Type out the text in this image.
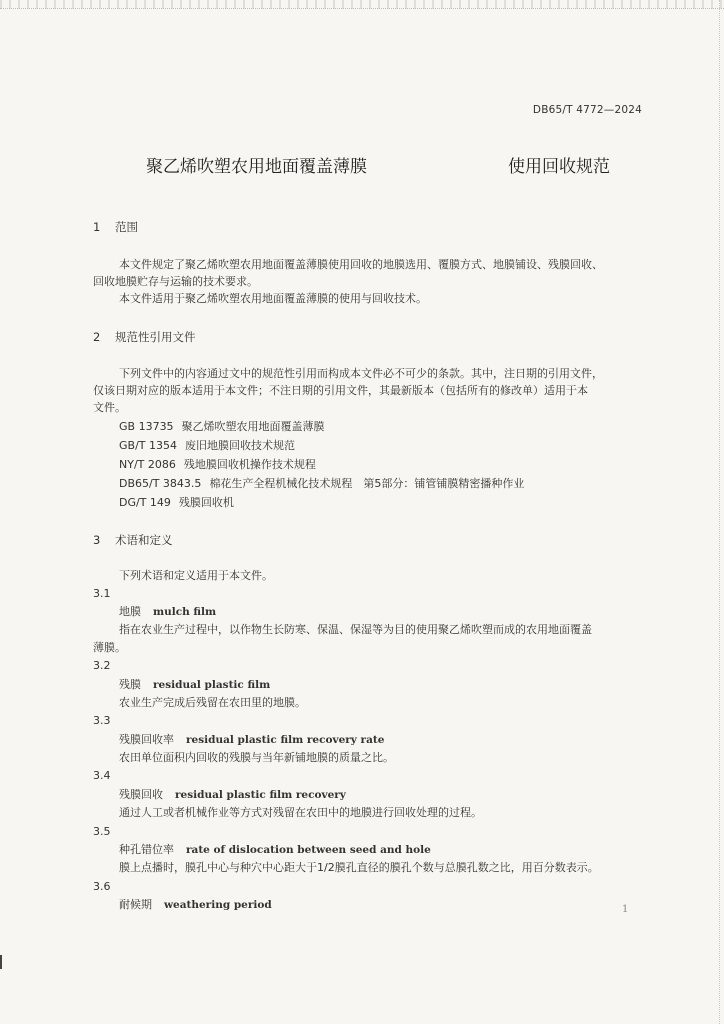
DB65/T 4772—2024
聚乙烯吹塑农用地面覆盖薄膜	使用回收规范
1 范围
本文件规定了聚乙烯吹塑农用地面覆盖薄膜使用回收的地膜选用、覆膜方式、地膜铺设、残膜回收、
回收地膜贮存与运输的技术要求。
本文件适用于聚乙烯吹塑农用地面覆盖薄膜的使用与回收技术。
2 规范性引用文件
下列文件中的内容通过文中的规范性引用而构成本文件必不可少的条款。其中，注日期的引用文件，
仅该日期对应的版本适用于本文件；不注日期的引用文件，其最新版本（包括所有的修改单）适用于本
文件。
GB 13735 聚乙烯吹塑农用地面覆盖薄膜
GB/T 1354 废旧地膜回收技术规范
NY/T 2086 残地膜回收机操作技术规程
DB65/T 3843.5 棉花生产全程机械化技术规程　第5部分：铺管铺膜精密播种作业
DG/T 149 残膜回收机
3 术语和定义
下列术语和定义适用于本文件。
3.1
地膜 mulch film
指在农业生产过程中，以作物生长防寒、保温、保湿等为目的使用聚乙烯吹塑而成的农用地面覆盖
薄膜。
3.2
残膜 residual plastic film
农业生产完成后残留在农田里的地膜。
3.3
残膜回收率 residual plastic film recovery rate
农田单位面积内回收的残膜与当年新铺地膜的质量之比。
3.4
残膜回收 residual plastic film recovery
通过人工或者机械作业等方式对残留在农田中的地膜进行回收处理的过程。
3.5
种孔错位率 rate of dislocation between seed and hole
膜上点播时，膜孔中心与种穴中心距大于1/2膜孔直径的膜孔个数与总膜孔数之比，用百分数表示。
3.6
耐候期 weathering period	1
